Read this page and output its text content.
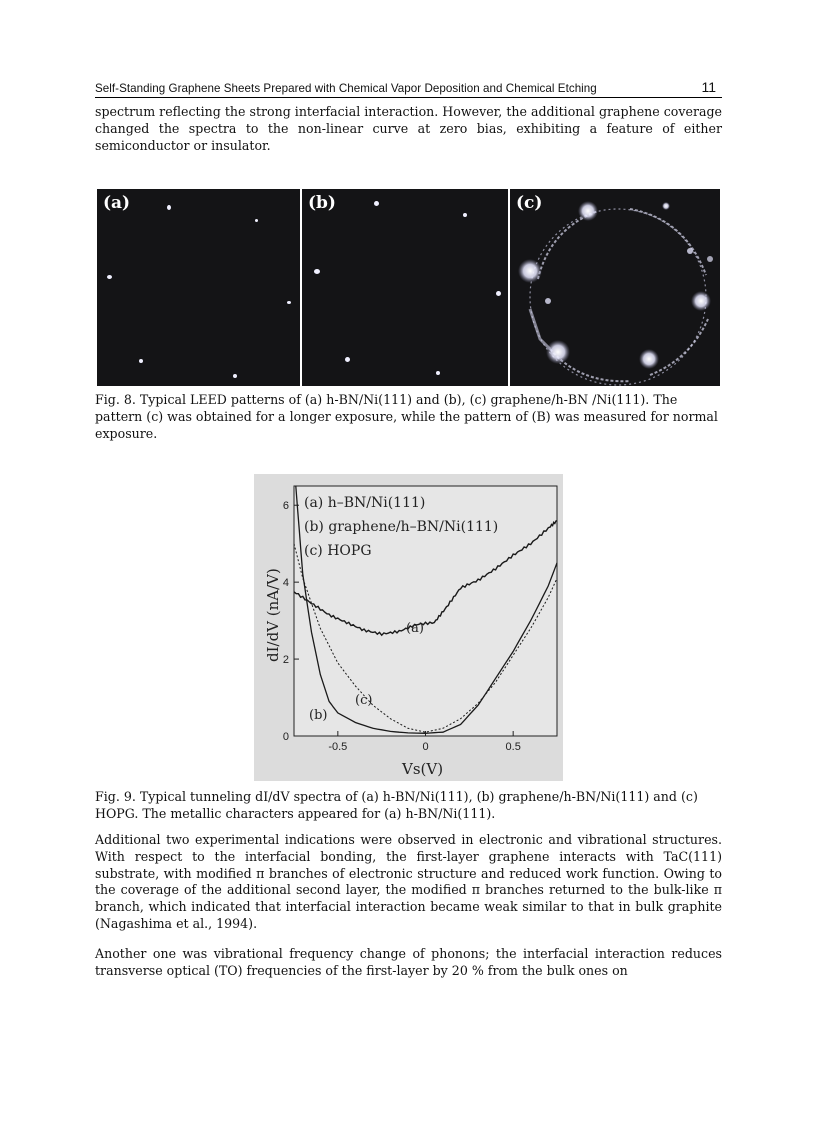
Self-Standing Graphene Sheets Prepared with Chemical Vapor Deposition and Chemical Etching	11

spectrum reflecting the strong interfacial interaction. However, the additional graphene coverage changed the spectra to the non-linear curve at zero bias, exhibiting a feature of either semiconductor or insulator.

(a)	(b)	(c)

Fig. 8. Typical LEED patterns of (a) h-BN/Ni(111) and (b), (c) graphene/h-BN /Ni(111). The pattern (c) was obtained for a longer exposure, while the pattern of (B) was measured for normal exposure.

-0.5	0	0.5
0
2
4
6 (a) h–BN/Ni(111)
(b) graphene/h–BN/Ni(111)
(c) HOPG
(a)
(b)
(c)
dI/dV (nA/V)
Vs(V)

Fig. 9. Typical tunneling dI/dV spectra of (a) h-BN/Ni(111), (b) graphene/h-BN/Ni(111) and (c) HOPG. The metallic characters appeared for (a) h-BN/Ni(111).

Additional two experimental indications were observed in electronic and vibrational structures. With respect to the interfacial bonding, the first-layer graphene interacts with TaC(111) substrate, with modified π branches of electronic structure and reduced work function. Owing to the coverage of the additional second layer, the modified π branches returned to the bulk-like π branch, which indicated that interfacial interaction became weak similar to that in bulk graphite (Nagashima et al., 1994).

Another one was vibrational frequency change of phonons; the interfacial interaction reduces transverse optical (TO) frequencies of the first-layer by 20 % from the bulk ones on
